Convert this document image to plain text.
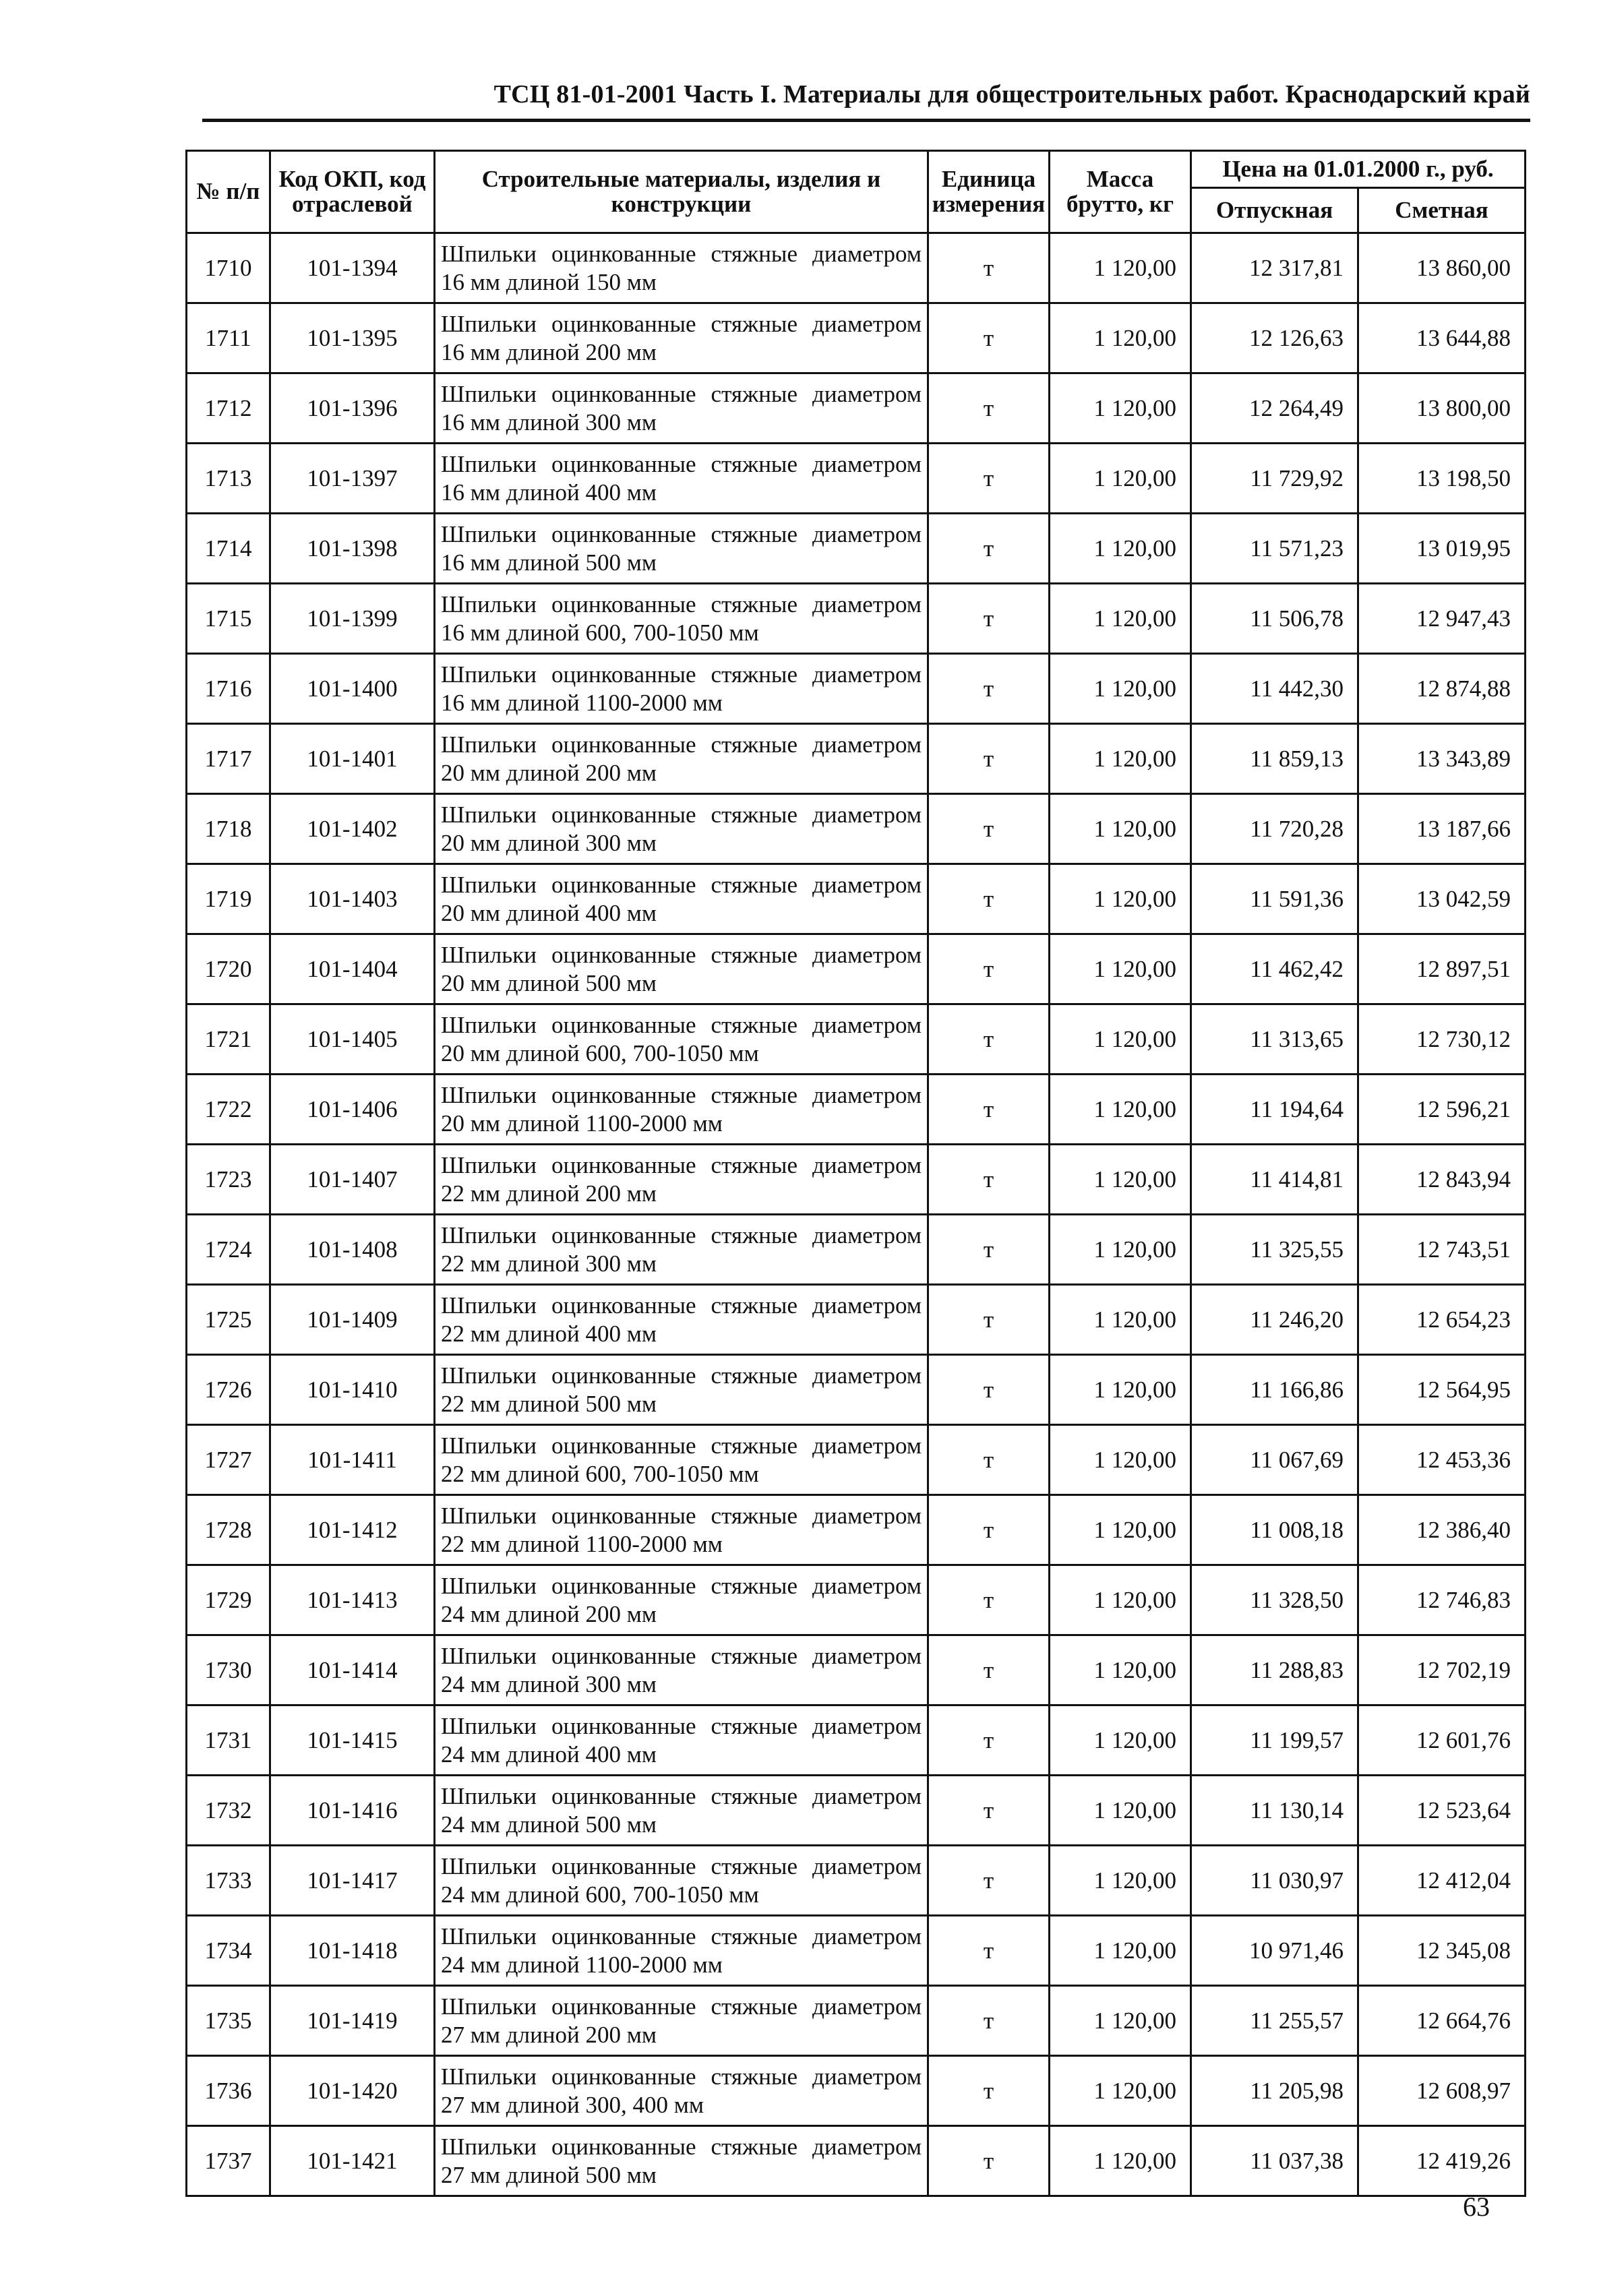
ТСЦ 81-01-2001 Часть I. Материалы для общестроительных работ. Краснодарский край
№ п/п	Код ОКП, код отраслевой	Строительные материалы, изделия и конструкции	Единица измерения	Масса брутто, кг	Цена на 01.01.2000 г., руб.	
					Отпускная	Сметная
1710	101-1394	Шпильки оцинкованные стяжные диаметром 16 мм длиной 150 мм	т	1 120,00	12 317,81	13 860,00
1711	101-1395	Шпильки оцинкованные стяжные диаметром 16 мм длиной 200 мм	т	1 120,00	12 126,63	13 644,88
1712	101-1396	Шпильки оцинкованные стяжные диаметром 16 мм длиной 300 мм	т	1 120,00	12 264,49	13 800,00
1713	101-1397	Шпильки оцинкованные стяжные диаметром 16 мм длиной 400 мм	т	1 120,00	11 729,92	13 198,50
1714	101-1398	Шпильки оцинкованные стяжные диаметром 16 мм длиной 500 мм	т	1 120,00	11 571,23	13 019,95
1715	101-1399	Шпильки оцинкованные стяжные диаметром 16 мм длиной 600, 700-1050 мм	т	1 120,00	11 506,78	12 947,43
1716	101-1400	Шпильки оцинкованные стяжные диаметром 16 мм длиной 1100-2000 мм	т	1 120,00	11 442,30	12 874,88
1717	101-1401	Шпильки оцинкованные стяжные диаметром 20 мм длиной 200 мм	т	1 120,00	11 859,13	13 343,89
1718	101-1402	Шпильки оцинкованные стяжные диаметром 20 мм длиной 300 мм	т	1 120,00	11 720,28	13 187,66
1719	101-1403	Шпильки оцинкованные стяжные диаметром 20 мм длиной 400 мм	т	1 120,00	11 591,36	13 042,59
1720	101-1404	Шпильки оцинкованные стяжные диаметром 20 мм длиной 500 мм	т	1 120,00	11 462,42	12 897,51
1721	101-1405	Шпильки оцинкованные стяжные диаметром 20 мм длиной 600, 700-1050 мм	т	1 120,00	11 313,65	12 730,12
1722	101-1406	Шпильки оцинкованные стяжные диаметром 20 мм длиной 1100-2000 мм	т	1 120,00	11 194,64	12 596,21
1723	101-1407	Шпильки оцинкованные стяжные диаметром 22 мм длиной 200 мм	т	1 120,00	11 414,81	12 843,94
1724	101-1408	Шпильки оцинкованные стяжные диаметром 22 мм длиной 300 мм	т	1 120,00	11 325,55	12 743,51
1725	101-1409	Шпильки оцинкованные стяжные диаметром 22 мм длиной 400 мм	т	1 120,00	11 246,20	12 654,23
1726	101-1410	Шпильки оцинкованные стяжные диаметром 22 мм длиной 500 мм	т	1 120,00	11 166,86	12 564,95
1727	101-1411	Шпильки оцинкованные стяжные диаметром 22 мм длиной 600, 700-1050 мм	т	1 120,00	11 067,69	12 453,36
1728	101-1412	Шпильки оцинкованные стяжные диаметром 22 мм длиной 1100-2000 мм	т	1 120,00	11 008,18	12 386,40
1729	101-1413	Шпильки оцинкованные стяжные диаметром 24 мм длиной 200 мм	т	1 120,00	11 328,50	12 746,83
1730	101-1414	Шпильки оцинкованные стяжные диаметром 24 мм длиной 300 мм	т	1 120,00	11 288,83	12 702,19
1731	101-1415	Шпильки оцинкованные стяжные диаметром 24 мм длиной 400 мм	т	1 120,00	11 199,57	12 601,76
1732	101-1416	Шпильки оцинкованные стяжные диаметром 24 мм длиной 500 мм	т	1 120,00	11 130,14	12 523,64
1733	101-1417	Шпильки оцинкованные стяжные диаметром 24 мм длиной 600, 700-1050 мм	т	1 120,00	11 030,97	12 412,04
1734	101-1418	Шпильки оцинкованные стяжные диаметром 24 мм длиной 1100-2000 мм	т	1 120,00	10 971,46	12 345,08
1735	101-1419	Шпильки оцинкованные стяжные диаметром 27 мм длиной 200 мм	т	1 120,00	11 255,57	12 664,76
1736	101-1420	Шпильки оцинкованные стяжные диаметром 27 мм длиной 300, 400 мм	т	1 120,00	11 205,98	12 608,97
1737	101-1421	Шпильки оцинкованные стяжные диаметром 27 мм длиной 500 мм	т	1 120,00	11 037,38	12 419,26
63
